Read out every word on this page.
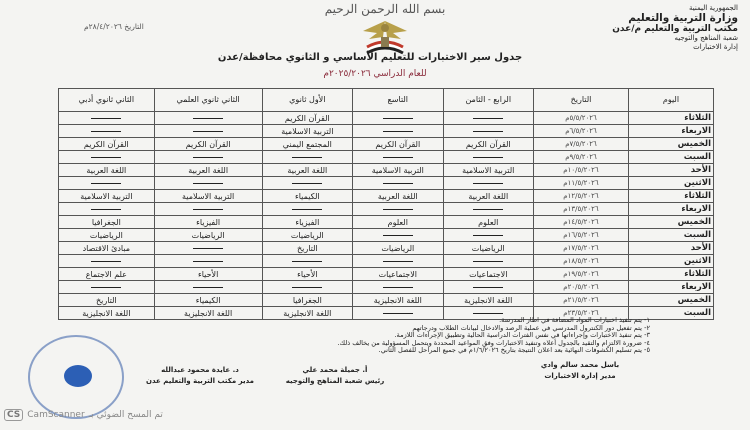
الجمهورية اليمنية
وزارة التربية والتعليم
مكتب التربية والتعليم م/عدن
شعبة المناهج والتوجيه
إدارة الاختبارات
التاريخ ٢٨/٤/٢٠٢٦م
بسم الله الرحمن الرحيم
جدول سير الاختبارات للتعليم الأساسي و الثانوي محافظة/عدن
للعام الدراسي ٢٠٢٥/٢٠٢٦م
اليوم	التاريخ	الرابع - الثامن	التاسع	الأول ثانوي	الثاني ثانوي العلمي	الثاني ثانوي أدبي
الثلاثاء	٥/٥/٢٠٢٦م			القرآن الكريم		
الاربعاء	٦/٥/٢٠٢٦م			التربية الاسلامية		
الخميس	٧/٥/٢٠٢٦م	القرآن الكريم	القرآن الكريم	المجتمع اليمني	القرآن الكريم	القرآن الكريم
السبت	٩/٥/٢٠٢٦م					
الأحد	١٠/٥/٢٠٢٦م	التربية الاسلامية	التربية الاسلامية	اللغة العربية	اللغة العربية	اللغة العربية
الاثنين	١١/٥/٢٠٢٦م					
الثلاثاء	١٢/٥/٢٠٢٦م	اللغة العربية	اللغة العربية	الكيمياء	التربية الاسلامية	التربية الاسلامية
الاربعاء	١٣/٥/٢٠٢٦م					
الخميس	١٤/٥/٢٠٢٦م	العلوم	العلوم	الفيزياء	الفيزياء	الجغرافيا
السبت	١٦/٥/٢٠٢٦م			الرياضيات	الرياضيات	الرياضيات
الأحد	١٧/٥/٢٠٢٦م	الرياضيات	الرياضيات	التاريخ		مبادئ الاقتصاد
الاثنين	١٨/٥/٢٠٢٦م					
الثلاثاء	١٩/٥/٢٠٢٦م	الاجتماعيات	الاجتماعيات	الأحياء	الأحياء	علم الاجتماع
الاربعاء	٢٠/٥/٢٠٢٦م					
الخميس	٢١/٥/٢٠٢٦م	اللغة الانجليزية	اللغة الانجليزية	الجغرافيا	الكيمياء	التاريخ
السبت	٢٣/٥/٢٠٢٦م			اللغة الانجليزية	اللغة الانجليزية	اللغة الانجليزية
١- يتم تنفيذ اختبارات المواد المضافة في اطار المدرسة.
٢- يتم تفعيل دور الكنترول المدرسي في عملية الرصد والادخال لبيانات الطلاب ودرجاتهم
٣- يتم تنفيذ الاختبارات وإجراءاتها في نفس الفترات الدراسية الحالية وتطبيق الإجراءات اللازمة.
٤- ضرورة الالتزام والتقيد بالجدول أعلاه وتنفيذ الاختبارات وفق المواعيد المحددة ويتحمل المسؤولية من يخالف ذلك.
٥- يتم تسليم الكشوفات النهائية بعد اعلان النتيجة بتاريخ ١/٦/٢٠٢٦م في جميع المراحل للفصل الثاني.
باسل محمد سالم وادي
مدير إدارة الاختبارات
أ. جميلة محمد علي
رئيس شعبة المناهج والتوجيه
د. عايدة محمود عبدالله
مدير مكتب التربية والتعليم عدن
CS CamScanner تم المسح الضوئي بـ
